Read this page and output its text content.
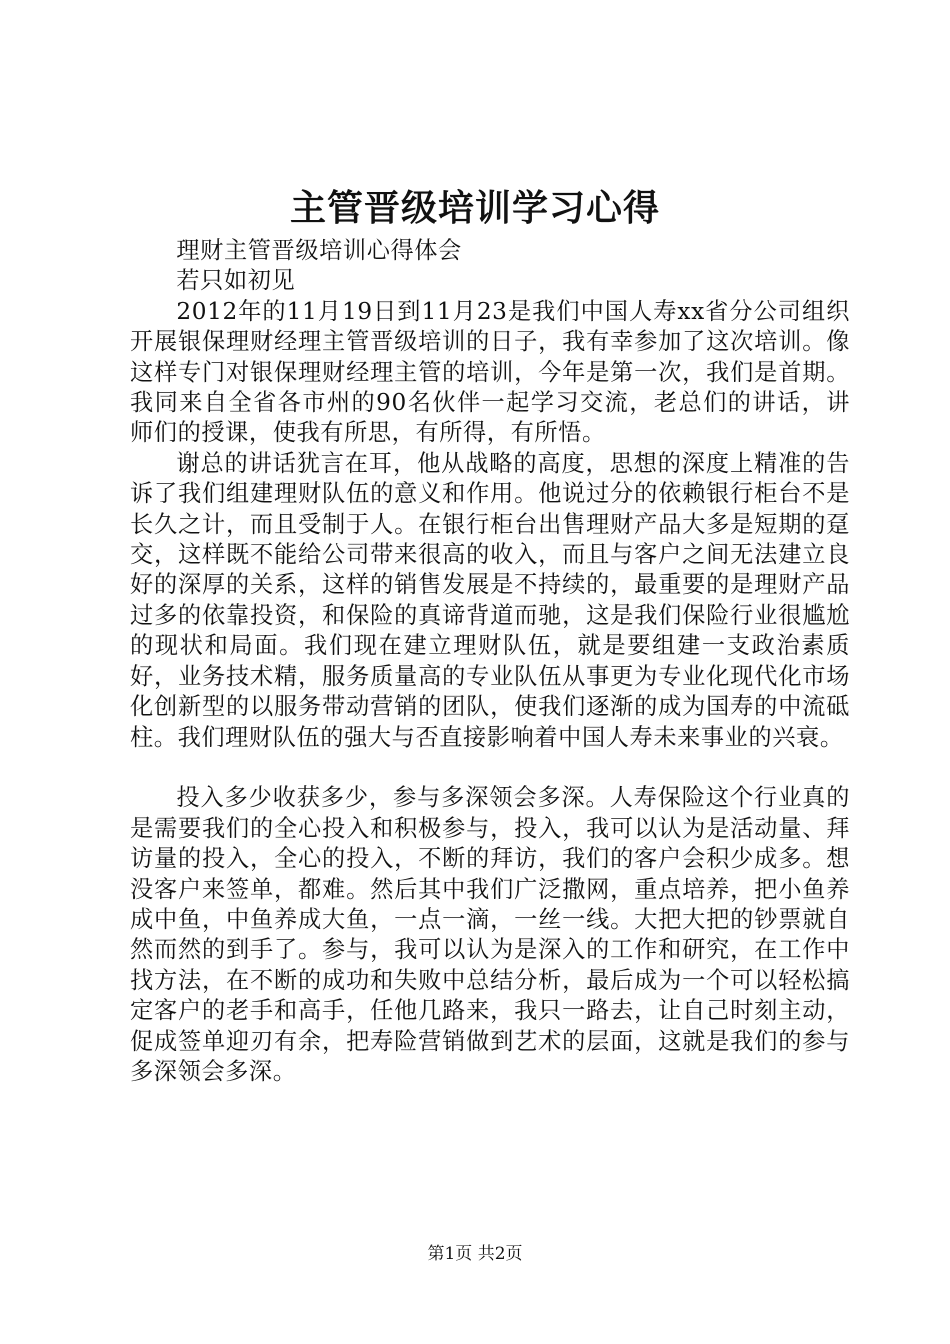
主管晋级培训学习心得

理财主管晋级培训心得体会

若只如初见

2012年的11月19日到11月23是我们中国人寿xx省分公司组织开展银保理财经理主管晋级培训的日子，我有幸参加了这次培训。像这样专门对银保理财经理主管的培训，今年是第一次，我们是首期。我同来自全省各市州的90名伙伴一起学习交流，老总们的讲话，讲师们的授课，使我有所思，有所得，有所悟。

谢总的讲话犹言在耳，他从战略的高度，思想的深度上精准的告诉了我们组建理财队伍的意义和作用。他说过分的依赖银行柜台不是长久之计，而且受制于人。在银行柜台出售理财产品大多是短期的趸交，这样既不能给公司带来很高的收入，而且与客户之间无法建立良好的深厚的关系，这样的销售发展是不持续的，最重要的是理财产品过多的依靠投资，和保险的真谛背道而驰，这是我们保险行业很尴尬的现状和局面。我们现在建立理财队伍，就是要组建一支政治素质好，业务技术精，服务质量高的专业队伍从事更为专业化现代化市场化创新型的以服务带动营销的团队，使我们逐渐的成为国寿的中流砥柱。我们理财队伍的强大与否直接影响着中国人寿未来事业的兴衰。

投入多少收获多少，参与多深领会多深。人寿保险这个行业真的是需要我们的全心投入和积极参与，投入，我可以认为是活动量、拜访量的投入，全心的投入，不断的拜访，我们的客户会积少成多。想没客户来签单，都难。然后其中我们广泛撒网，重点培养，把小鱼养成中鱼，中鱼养成大鱼，一点一滴，一丝一线。大把大把的钞票就自然而然的到手了。参与，我可以认为是深入的工作和研究，在工作中找方法，在不断的成功和失败中总结分析，最后成为一个可以轻松搞定客户的老手和高手，任他几路来，我只一路去，让自己时刻主动，促成签单迎刃有余，把寿险营销做到艺术的层面，这就是我们的参与多深领会多深。

第1页 共2页
